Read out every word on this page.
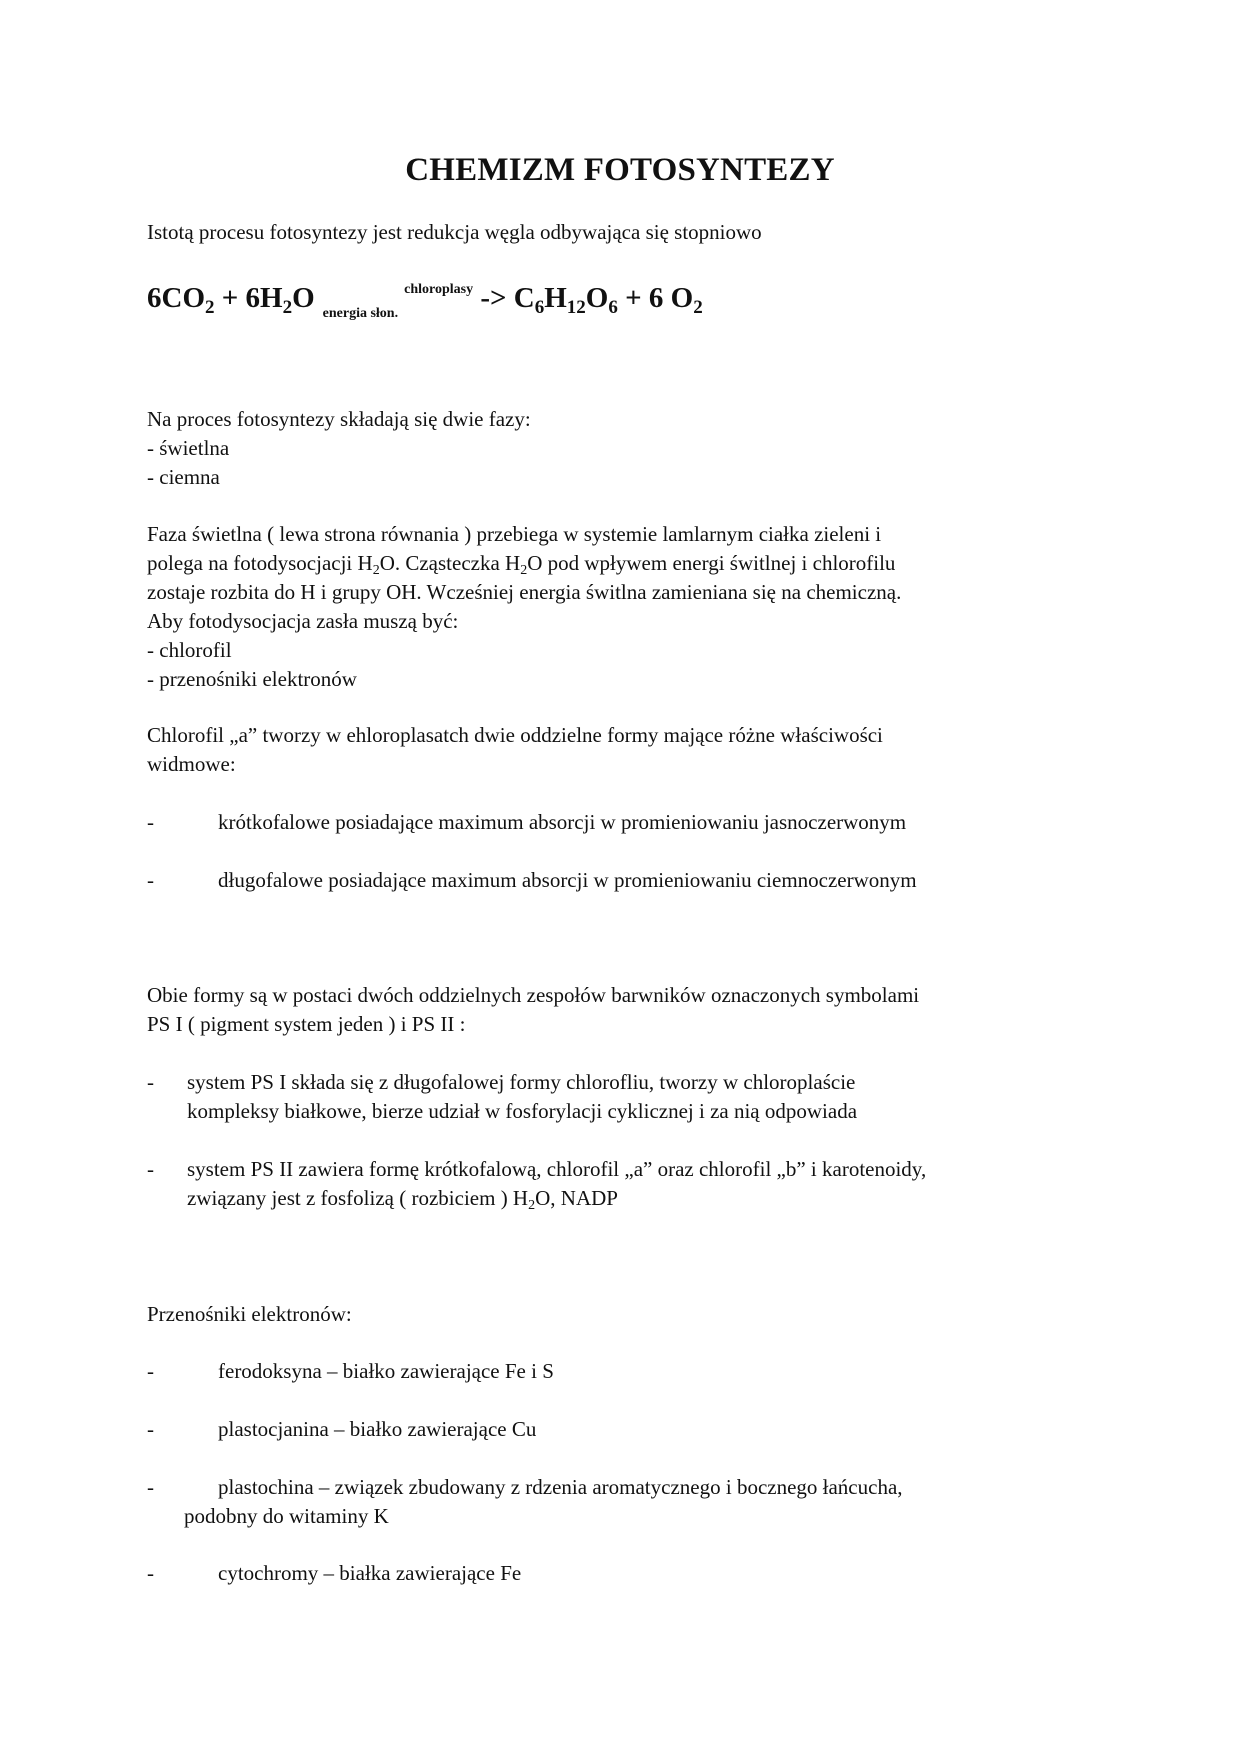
CHEMIZM FOTOSYNTEZY
Istotą procesu fotosyntezy jest redukcja węgla odbywająca się stopniowo
$6CO_2 + 6H_2O$ $_{energia słon.}^{chloroplasy} -> C_6H_{12}O_6 + 6$ $O_2$
Na proces fotosyntezy składają się dwie fazy:
- świetlna
- ciemna
Faza świetlna ( lewa strona równania ) przebiega w systemie lamlarnym ciałka zieleni i
polega na fotodysocjacji $H_2O$. Cząsteczka $H_2O$ pod wpływem energi świtlnej i chlorofilu
zostaje rozbita do H i grupy OH. Wcześniej energia świtlna zamieniana się na chemiczną.
Aby fotodysocjacja zasła muszą być:
- chlorofil
- przenośniki elektronów
Chlorofil „a” tworzy w ehloroplasatch dwie oddzielne formy mające różne właściwości
widmowe:
-	krótkofalowe posiadające maximum absorcji w promieniowaniu jasnoczerwonym
-	długofalowe posiadające maximum absorcji w promieniowaniu ciemnoczerwonym
Obie formy są w postaci dwóch oddzielnych zespołów barwników oznaczonych symbolami
PS I ( pigment system jeden ) i PS II :
- system PS I składa się z długofalowej formy chlorofliu, tworzy w chloroplaście
kompleksy białkowe, bierze udział w fosforylacji cyklicznej i za nią odpowiada
- system PS II zawiera formę krótkofalową, chlorofil „a” oraz chlorofil „b” i karotenoidy,
związany jest z fosfolizą ( rozbiciem ) $H_2O$, NADP
Przenośniki elektronów:
-	ferodoksyna – białko zawierające Fe i S
-	plastocjanina – białko zawierające Cu
-	plastochina – związek zbudowany z rdzenia aromatycznego i bocznego łańcucha,
podobny do witaminy K
-	cytochromy – białka zawierające Fe
